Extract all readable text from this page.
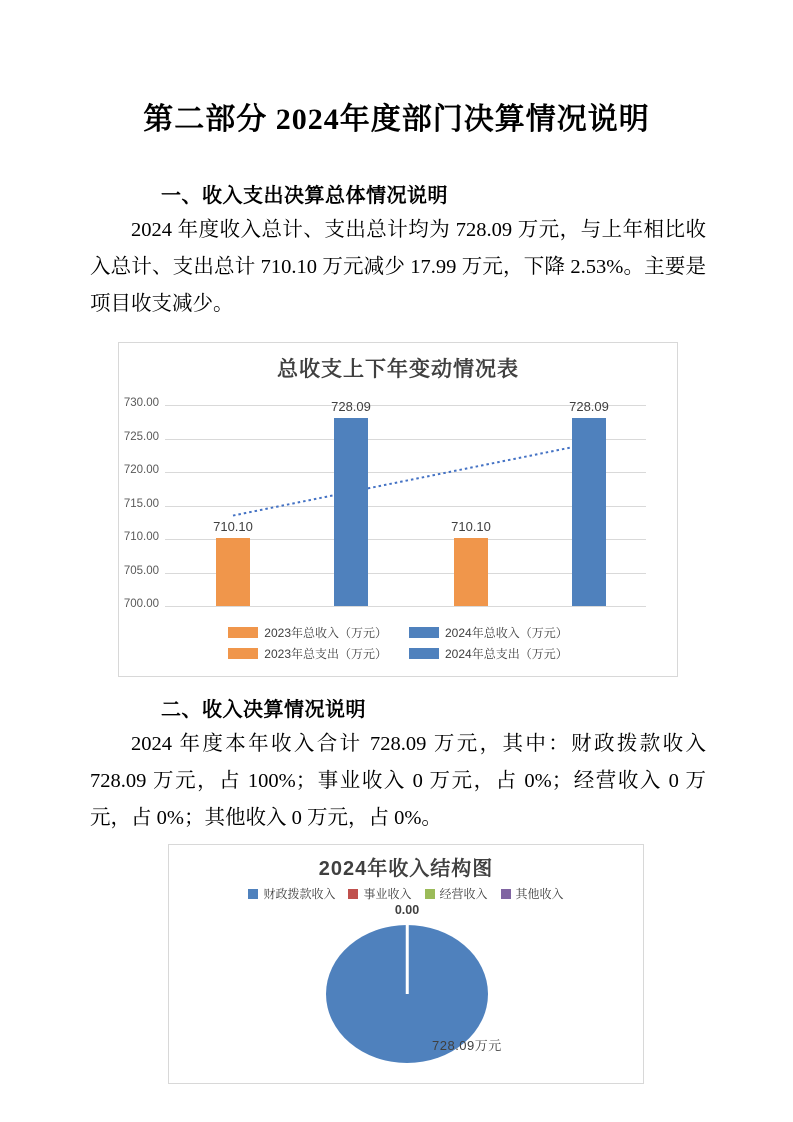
第二部分 2024年度部门决算情况说明
一、收入支出决算总体情况说明

2024 年度收入总计、支出总计均为 728.09 万元，与上年相比收入总计、支出总计 710.10 万元减少 17.99 万元，下降 2.53%。主要是项目收支减少。

730.00
725.00
720.00
715.00
710.00
705.00
700.00
710.10
728.09
710.10
728.09
总收支上下年变动情况表
2023年总收入（万元）	2024年总收入（万元）
2023年总支出（万元）	2024年总支出（万元）
二、收入决算情况说明

2024 年度本年收入合计 728.09 万元，其中：财政拨款收入 728.09 万元，占 100%；事业收入 0 万元，占 0%；经营收入 0 万元，占 0%；其他收入 0 万元，占 0%。

2024年收入结构图
财政拨款收入 事业收入 经营收入 其他收入
0.00
728.09万元
